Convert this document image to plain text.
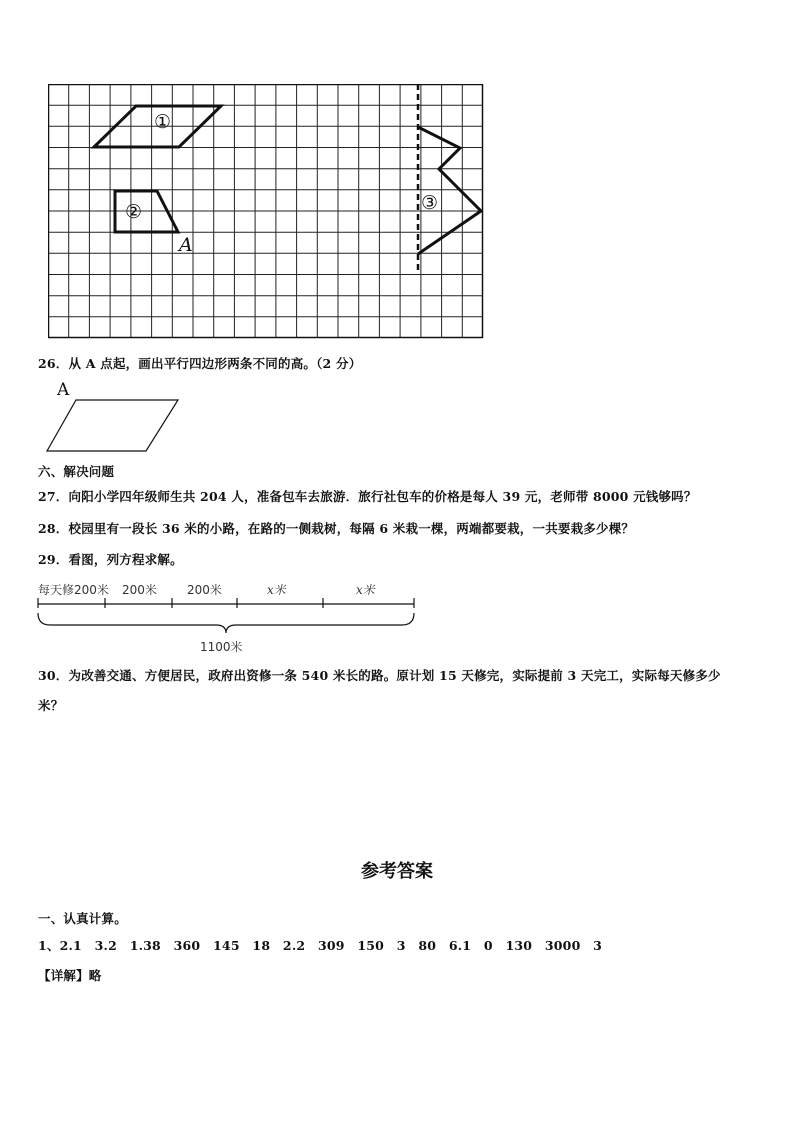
①
②
A
③
26．从 A 点起，画出平行四边形两条不同的高。（2 分）
A
六、解决问题
27．向阳小学四年级师生共 204 人，准备包车去旅游．旅行社包车的价格是每人 39 元，老师带 8000 元钱够吗？
28．校园里有一段长 36 米的小路，在路的一侧栽树，每隔 6 米栽一棵，两端都要栽，一共要栽多少棵？
29．看图，列方程求解。
每天修200米 200米	200米	x米	x米
1100米
30．为改善交通、方便居民，政府出资修一条 540 米长的路。原计划 15 天修完，实际提前 3 天完工，实际每天修多少
米？
参考答案
一、认真计算。
1、2.1　3.2　1.38　360　145　18　2.2　309　150　3　80　6.1　0　130　3000　3
【详解】略
